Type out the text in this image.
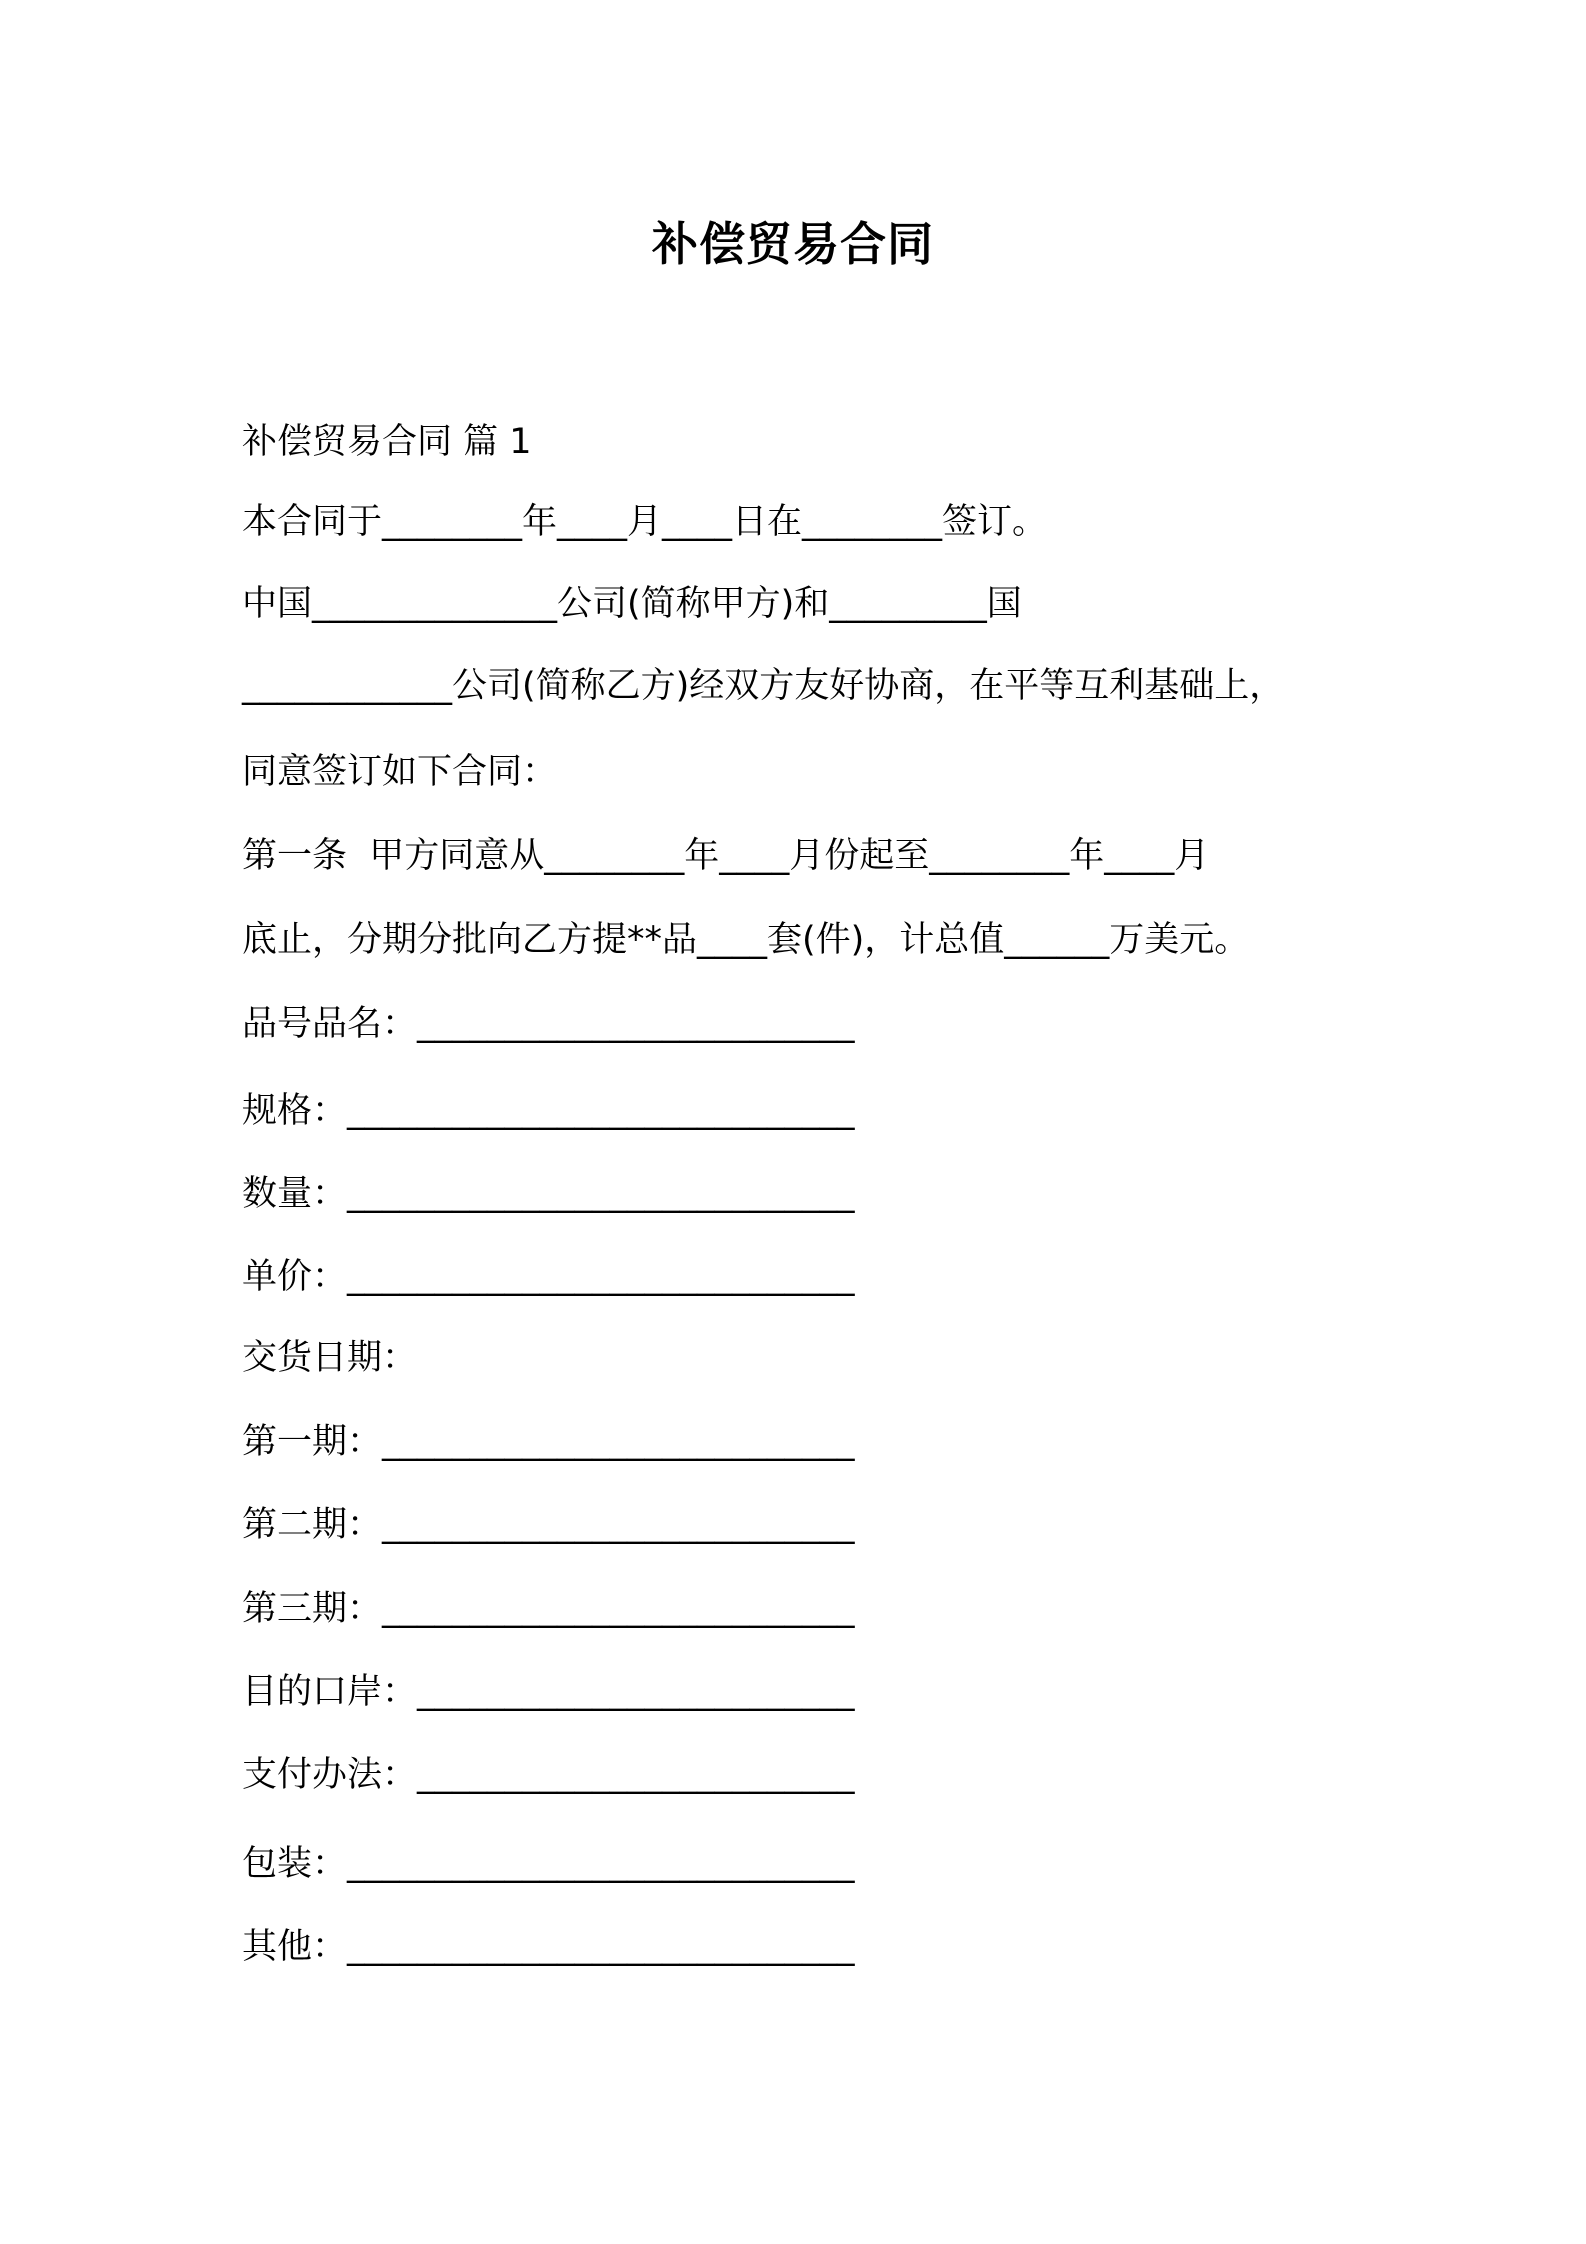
补偿贸易合同
补偿贸易合同 篇 1
本合同于________年____月____日在________签订。
中国______________公司(简称甲方)和_________国
____________公司(简称乙方)经双方友好协商，在平等互利基础上，
同意签订如下合同：
第一条  甲方同意从________年____月份起至________年____月
底止，分期分批向乙方提**品____套(件)，计总值______万美元。
品号品名：_________________________
规格：_____________________________
数量：_____________________________
单价：_____________________________
交货日期：
第一期：___________________________
第二期：___________________________
第三期：___________________________
目的口岸：_________________________
支付办法：_________________________
包装：_____________________________
其他：_____________________________
